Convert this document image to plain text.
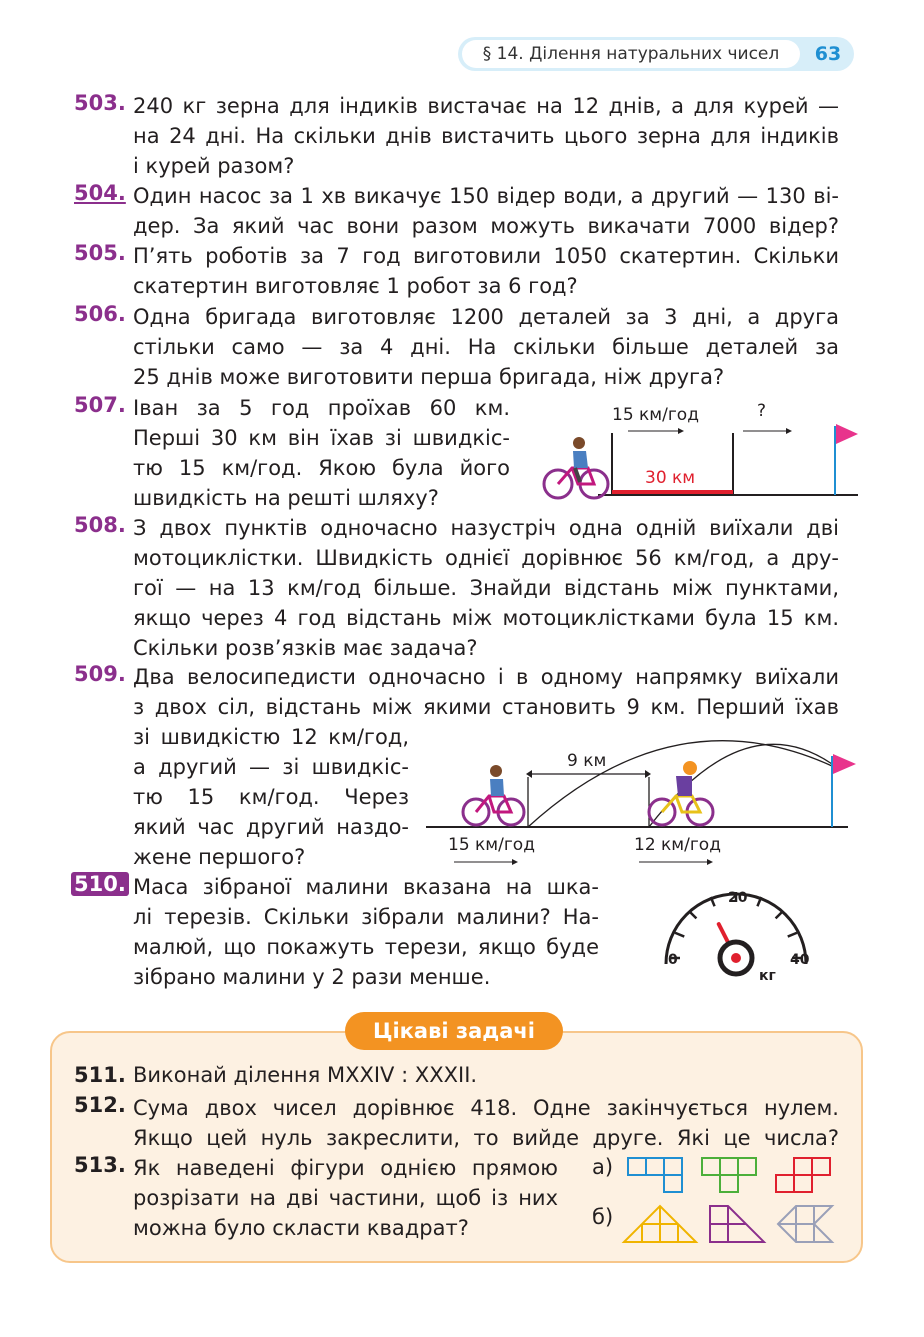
§ 14. Ділення натуральних чисел	63
503. 240 кг зерна для індиків вистачає на 12 днів, а для курей —
на 24 дні. На скільки днів вистачить цього зерна для індиків
і курей разом?
504. Один насос за 1 хв викачує 150 відер води, а другий — 130 ві-
дер. За який час вони разом можуть викачати 7000 відер?
505. П’ять роботів за 7 год виготовили 1050 скатертин. Скільки
скатертин виготовляє 1 робот за 6 год?
506. Одна бригада виготовляє 1200 деталей за 3 дні, а друга
стільки само — за 4 дні. На скільки більше деталей за
25 днів може виготовити перша бригада, ніж друга?
507. Іван за 5 год проїхав 60 км.
Перші 30 км він їхав зі швидкіс-
тю 15 км/год. Якою була його
швидкість на решті шляху?
15 км/год	?
30 км
508. З двох пунктів одночасно назустріч одна одній виїхали дві
мотоциклістки. Швидкість однієї дорівнює 56 км/год, а дру-
гої — на 13 км/год більше. Знайди відстань між пунктами,
якщо через 4 год відстань між мотоциклістками була 15 км.
Скільки розв’язків має задача?
509. Два велосипедисти одночасно і в одному напрямку виїхали
з двох сіл, відстань між якими становить 9 км. Перший їхав
зі швидкістю 12 км/год,
а другий — зі швидкіс-
тю 15 км/год. Через
який час другий наздо-
жене першого?
9 км
15 км/год	12 км/год
510. Маса зібраної малини вказана на шка-
лі терезів. Скільки зібрали малини? На-
малюй, що покажуть терези, якщо буде
зібрано малини у 2 рази менше.
20
0	40
кг
Цікаві задачі
511. Виконай ділення MXXIV : XXXII.
512. Сума двох чисел дорівнює 418. Одне закінчується нулем.
Якщо цей нуль закреслити, то вийде друге. Які це числа?
513. Як наведені фігури однією прямою
розрізати на дві частини, щоб із них
можна було скласти квадрат?
а)
б)
